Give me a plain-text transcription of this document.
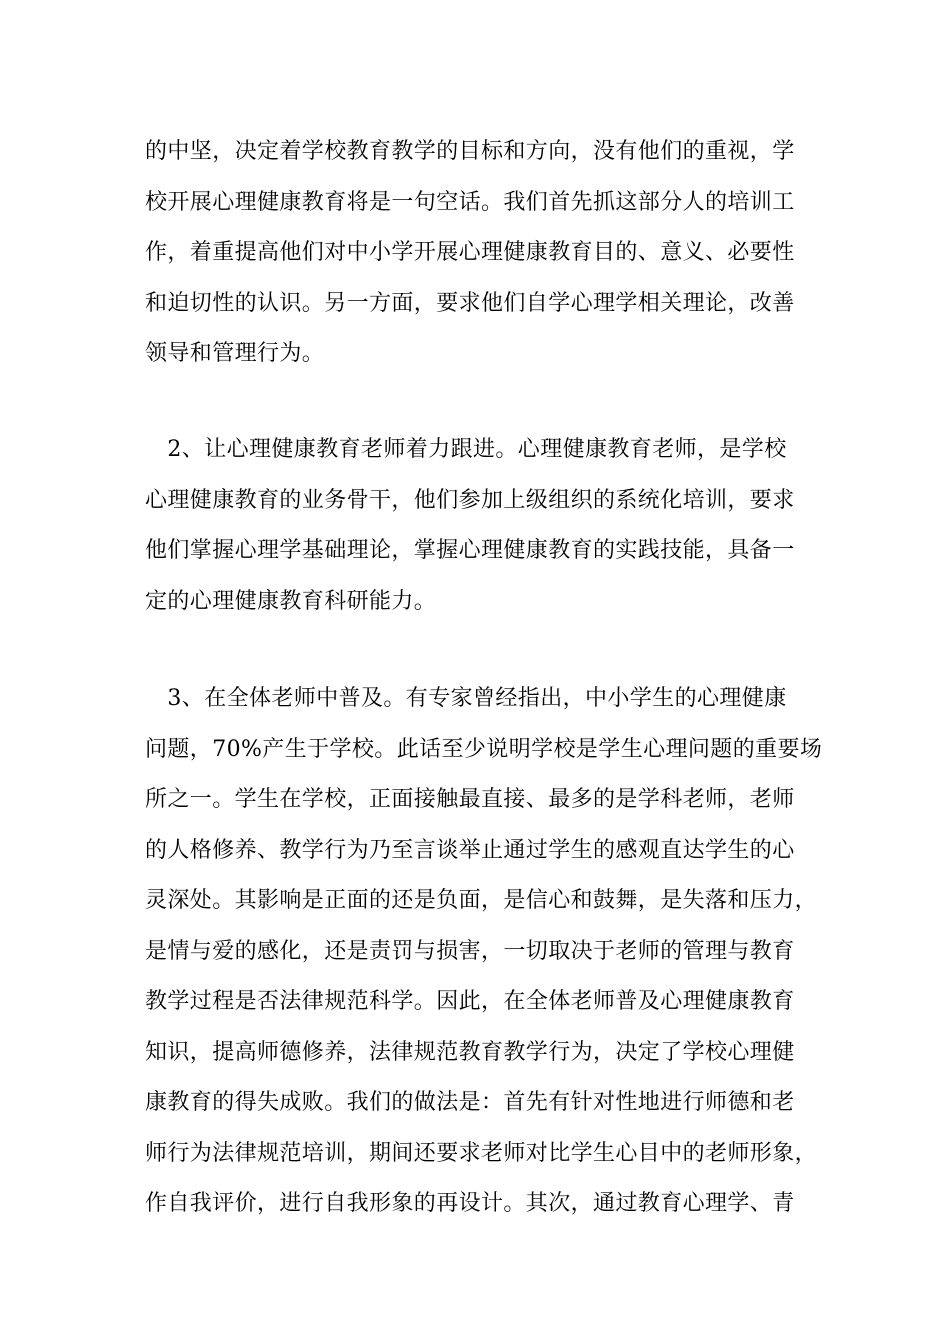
的中坚，决定着学校教育教学的目标和方向，没有他们的重视，学
校开展心理健康教育将是一句空话。我们首先抓这部分人的培训工
作，着重提高他们对中小学开展心理健康教育目的、意义、必要性
和迫切性的认识。另一方面，要求他们自学心理学相关理论，改善
领导和管理行为。

　2、让心理健康教育老师着力跟进。心理健康教育老师，是学校
心理健康教育的业务骨干，他们参加上级组织的系统化培训，要求
他们掌握心理学基础理论，掌握心理健康教育的实践技能，具备一
定的心理健康教育科研能力。

　3、在全体老师中普及。有专家曾经指出，中小学生的心理健康
问题，70%产生于学校。此话至少说明学校是学生心理问题的重要场
所之一。学生在学校，正面接触最直接、最多的是学科老师，老师
的人格修养、教学行为乃至言谈举止通过学生的感观直达学生的心
灵深处。其影响是正面的还是负面，是信心和鼓舞，是失落和压力，
是情与爱的感化，还是责罚与损害，一切取决于老师的管理与教育
教学过程是否法律规范科学。因此，在全体老师普及心理健康教育
知识，提高师德修养，法律规范教育教学行为，决定了学校心理健
康教育的得失成败。我们的做法是：首先有针对性地进行师德和老
师行为法律规范培训，期间还要求老师对比学生心目中的老师形象，
作自我评价，进行自我形象的再设计。其次，通过教育心理学、青
